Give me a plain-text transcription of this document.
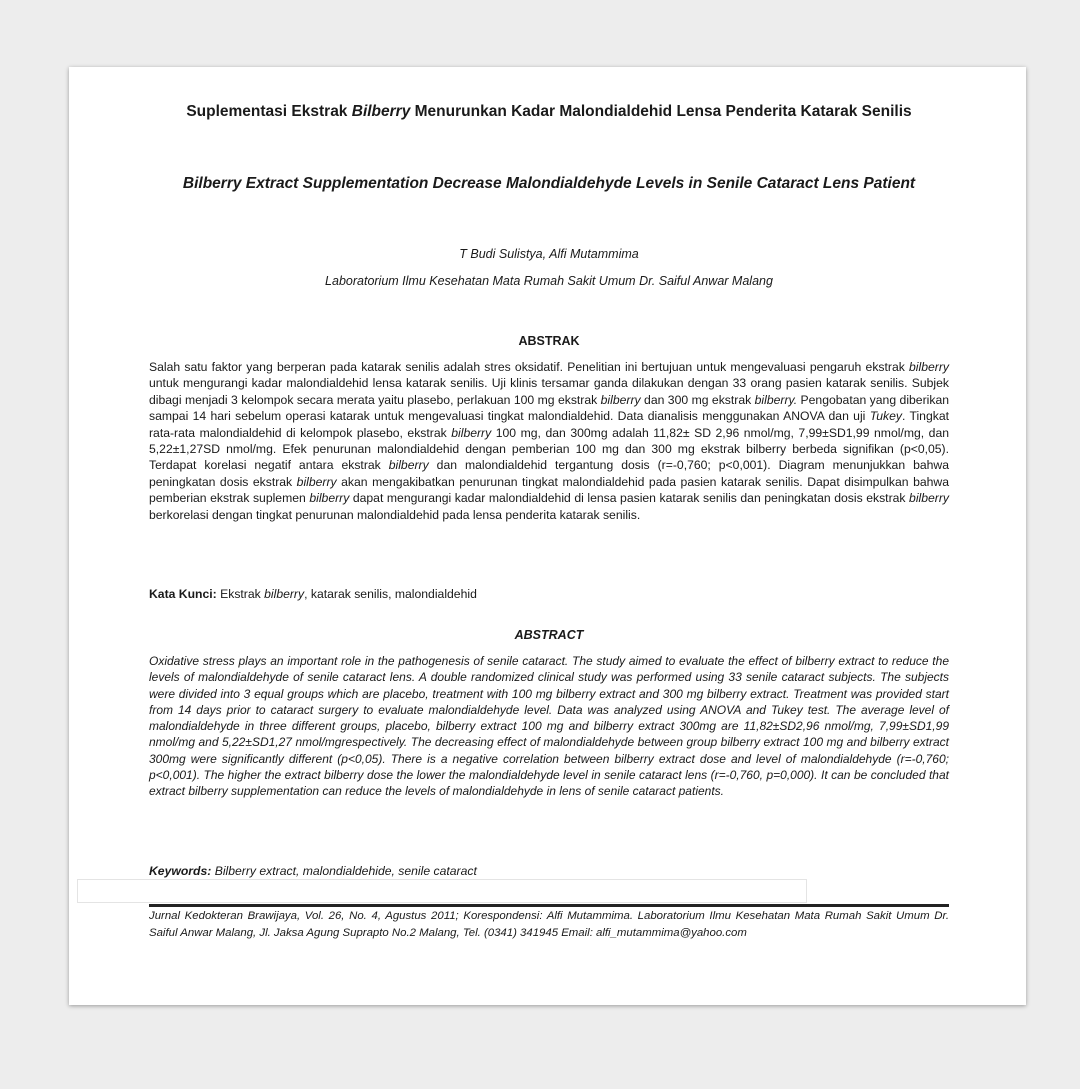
Suplementasi Ekstrak Bilberry Menurunkan Kadar Malondialdehid Lensa Penderita Katarak Senilis
Bilberry Extract Supplementation Decrease Malondialdehyde Levels in Senile Cataract Lens Patient
T Budi Sulistya, Alfi Mutammima
Laboratorium Ilmu Kesehatan Mata Rumah Sakit Umum Dr. Saiful Anwar Malang
ABSTRAK
Salah satu faktor yang berperan pada katarak senilis adalah stres oksidatif. Penelitian ini bertujuan untuk mengevaluasi pengaruh ekstrak bilberry untuk mengurangi kadar malondialdehid lensa katarak senilis. Uji klinis tersamar ganda dilakukan dengan 33 orang pasien katarak senilis. Subjek dibagi menjadi 3 kelompok secara merata yaitu plasebo, perlakuan 100 mg ekstrak bilberry dan 300 mg ekstrak bilberry. Pengobatan yang diberikan sampai 14 hari sebelum operasi katarak untuk mengevaluasi tingkat malondialdehid. Data dianalisis menggunakan ANOVA dan uji Tukey. Tingkat rata-rata malondialdehid di kelompok plasebo, ekstrak bilberry 100 mg, dan 300mg adalah 11,82± SD 2,96 nmol/mg, 7,99±SD1,99 nmol/mg, dan 5,22±1,27SD nmol/mg. Efek penurunan malondialdehid dengan pemberian 100 mg dan 300 mg ekstrak bilberry berbeda signifikan (p<0,05). Terdapat korelasi negatif antara ekstrak bilberry dan malondialdehid tergantung dosis (r=-0,760; p<0,001). Diagram menunjukkan bahwa peningkatan dosis ekstrak bilberry akan mengakibatkan penurunan tingkat malondialdehid pada pasien katarak senilis. Dapat disimpulkan bahwa pemberian ekstrak suplemen bilberry dapat mengurangi kadar malondialdehid di lensa pasien katarak senilis dan peningkatan dosis ekstrak bilberry berkorelasi dengan tingkat penurunan malondialdehid pada lensa penderita katarak senilis.
Kata Kunci: Ekstrak bilberry, katarak senilis, malondialdehid
ABSTRACT
Oxidative stress plays an important role in the pathogenesis of senile cataract. The study aimed to evaluate the effect of bilberry extract to reduce the levels of malondialdehyde of senile cataract lens. A double randomized clinical study was performed using 33 senile cataract subjects. The subjects were divided into 3 equal groups which are placebo, treatment with 100 mg bilberry extract and 300 mg bilberry extract. Treatment was provided start from 14 days prior to cataract surgery to evaluate malondialdehyde level. Data was analyzed using ANOVA and Tukey test. The average level of malondialdehyde in three different groups, placebo, bilberry extract 100 mg and bilberry extract 300mg are 11,82±SD2,96 nmol/mg, 7,99±SD1,99 nmol/mg and 5,22±SD1,27 nmol/mgrespectively. The decreasing effect of malondialdehyde between group bilberry extract 100 mg and bilberry extract 300mg were significantly different (p<0,05). There is a negative correlation between bilberry extract dose and level of malondialdehyde (r=-0,760; p<0,001). The higher the extract bilberry dose the lower the malondialdehyde level in senile cataract lens (r=-0,760, p=0,000). It can be concluded that extract bilberry supplementation can reduce the levels of malondialdehyde in lens of senile cataract patients.
Keywords: Bilberry extract, malondialdehide, senile cataract
Jurnal Kedokteran Brawijaya, Vol. 26, No. 4, Agustus 2011; Korespondensi: Alfi Mutammima. Laboratorium Ilmu Kesehatan Mata Rumah Sakit Umum Dr. Saiful Anwar Malang, Jl. Jaksa Agung Suprapto No.2 Malang, Tel. (0341) 341945 Email: alfi_mutammima@yahoo.com
